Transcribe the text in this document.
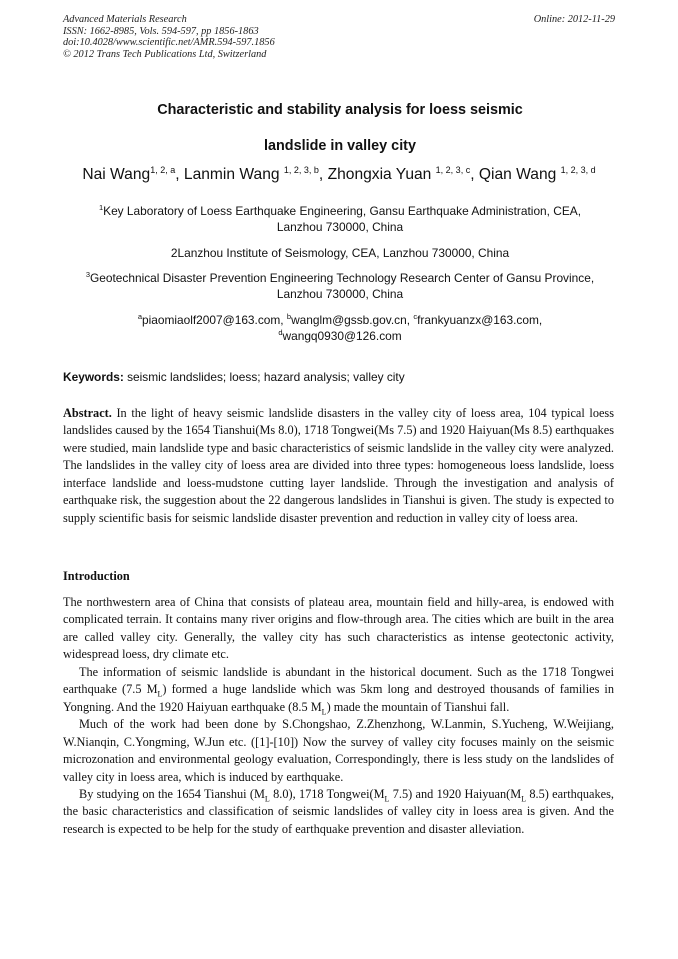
Advanced Materials Research
ISSN: 1662-8985, Vols. 594-597, pp 1856-1863
doi:10.4028/www.scientific.net/AMR.594-597.1856
© 2012 Trans Tech Publications Ltd, Switzerland
Online: 2012-11-29
Characteristic and stability analysis for loess seismic
landslide in valley city
Nai Wang$^{1, 2, a}$, Lanmin Wang $^{1, 2, 3, b}$, Zhongxia Yuan $^{1, 2, 3, c}$, Qian Wang $^{1, 2, 3, d}$
$^1$Key Laboratory of Loess Earthquake Engineering, Gansu Earthquake Administration, CEA,
Lanzhou 730000, China
2Lanzhou Institute of Seismology, CEA, Lanzhou 730000, China
$^3$Geotechnical Disaster Prevention Engineering Technology Research Center of Gansu Province,
Lanzhou 730000, China
$^a$piaomiaolf2007@163.com, $^b$wanglm@gssb.gov.cn, $^c$frankyuanzx@163.com,
$^d$wangq0930@126.com
Keywords: seismic landslides; loess; hazard analysis; valley city

Abstract. In the light of heavy seismic landslide disasters in the valley city of loess area, 104 typical loess landslides caused by the 1654 Tianshui(Ms 8.0), 1718 Tongwei(Ms 7.5) and 1920 Haiyuan(Ms 8.5) earthquakes were studied, main landslide type and basic characteristics of seismic landslide in the valley city were analyzed. The landslides in the valley city of loess area are divided into three types: homogeneous loess landslide, loess interface landslide and loess-mudstone cutting layer landslide. Through the investigation and analysis of earthquake risk, the suggestion about the 22 dangerous landslides in Tianshui is given. The study is expected to supply scientific basis for seismic landslide disaster prevention and reduction in valley city of loess area.

Introduction

The northwestern area of China that consists of plateau area, mountain field and hilly-area, is endowed with complicated terrain. It contains many river origins and flow-through area. The cities which are built in the area are called valley city. Generally, the valley city has such characteristics as intense geotectonic activity, widespread loess, dry climate etc.

The information of seismic landslide is abundant in the historical document. Such as the 1718 Tongwei earthquake (7.5 $M_L$) formed a huge landslide which was 5km long and destroyed thousands of families in Yongning. And the 1920 Haiyuan earthquake (8.5 $M_L$) made the mountain of Tianshui fall.

Much of the work had been done by S.Chongshao, Z.Zhenzhong, W.Lanmin, S.Yucheng, W.Weijiang, W.Nianqin, C.Yongming, W.Jun etc. ([1]-[10]) Now the survey of valley city focuses mainly on the seismic microzonation and environmental geology evaluation, Correspondingly, there is less study on the landslides of valley city in loess area, which is induced by earthquake.

By studying on the 1654 Tianshui ($M_L$ 8.0), 1718 $Tongwei(M_L$ 7.5) and 1920 $Haiyuan(M_L$ 8.5) earthquakes, the basic characteristics and classification of seismic landslides of valley city in loess area is given. And the research is expected to be help for the study of earthquake prevention and disaster alleviation.
